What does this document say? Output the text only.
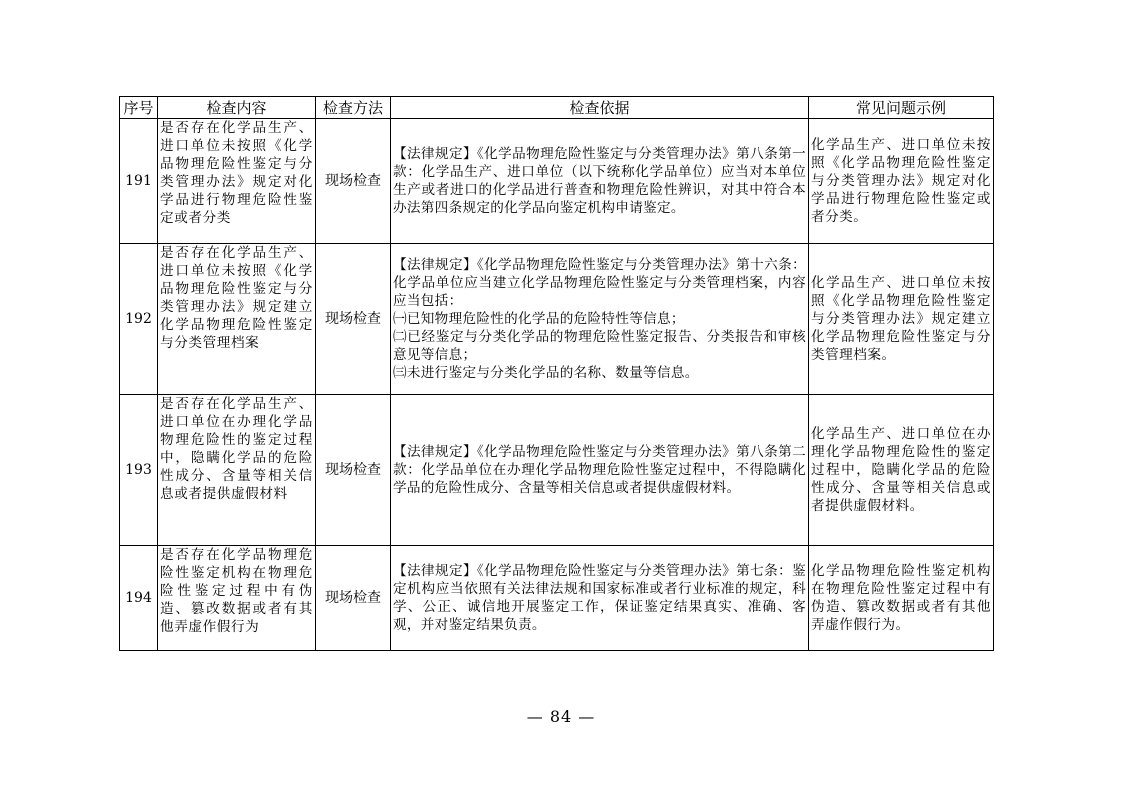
序号	检查内容	检查方法	检查依据	常见问题示例
191	是否存在化学品生产、进口单位未按照《化学品物理危险性鉴定与分类管理办法》规定对化学品进行物理危险性鉴定或者分类	现场检查	【法律规定】《化学品物理危险性鉴定与分类管理办法》第八条第一款：化学品生产、进口单位（以下统称化学品单位）应当对本单位生产或者进口的化学品进行普查和物理危险性辨识，对其中符合本办法第四条规定的化学品向鉴定机构申请鉴定。	化学品生产、进口单位未按照《化学品物理危险性鉴定与分类管理办法》规定对化学品进行物理危险性鉴定或者分类。
192	是否存在化学品生产、进口单位未按照《化学品物理危险性鉴定与分类管理办法》规定建立化学品物理危险性鉴定与分类管理档案	现场检查	【法律规定】《化学品物理危险性鉴定与分类管理办法》第十六条：化学品单位应当建立化学品物理危险性鉴定与分类管理档案，内容应当包括：
㈠已知物理危险性的化学品的危险特性等信息；
㈡已经鉴定与分类化学品的物理危险性鉴定报告、分类报告和审核意见等信息；
㈢未进行鉴定与分类化学品的名称、数量等信息。	化学品生产、进口单位未按照《化学品物理危险性鉴定与分类管理办法》规定建立化学品物理危险性鉴定与分类管理档案。
193	是否存在化学品生产、进口单位在办理化学品物理危险性的鉴定过程中，隐瞒化学品的危险性成分、含量等相关信息或者提供虚假材料	现场检查	【法律规定】《化学品物理危险性鉴定与分类管理办法》第八条第二款：化学品单位在办理化学品物理危险性鉴定过程中，不得隐瞒化学品的危险性成分、含量等相关信息或者提供虚假材料。	化学品生产、进口单位在办理化学品物理危险性的鉴定过程中，隐瞒化学品的危险性成分、含量等相关信息或者提供虚假材料。
194	是否存在化学品物理危险性鉴定机构在物理危险性鉴定过程中有伪造、篡改数据或者有其他弄虚作假行为	现场检查	【法律规定】《化学品物理危险性鉴定与分类管理办法》第七条：鉴定机构应当依照有关法律法规和国家标准或者行业标准的规定，科学、公正、诚信地开展鉴定工作，保证鉴定结果真实、准确、客观，并对鉴定结果负责。	化学品物理危险性鉴定机构在物理危险性鉴定过程中有伪造、篡改数据或者有其他弄虚作假行为。
— 84 —
